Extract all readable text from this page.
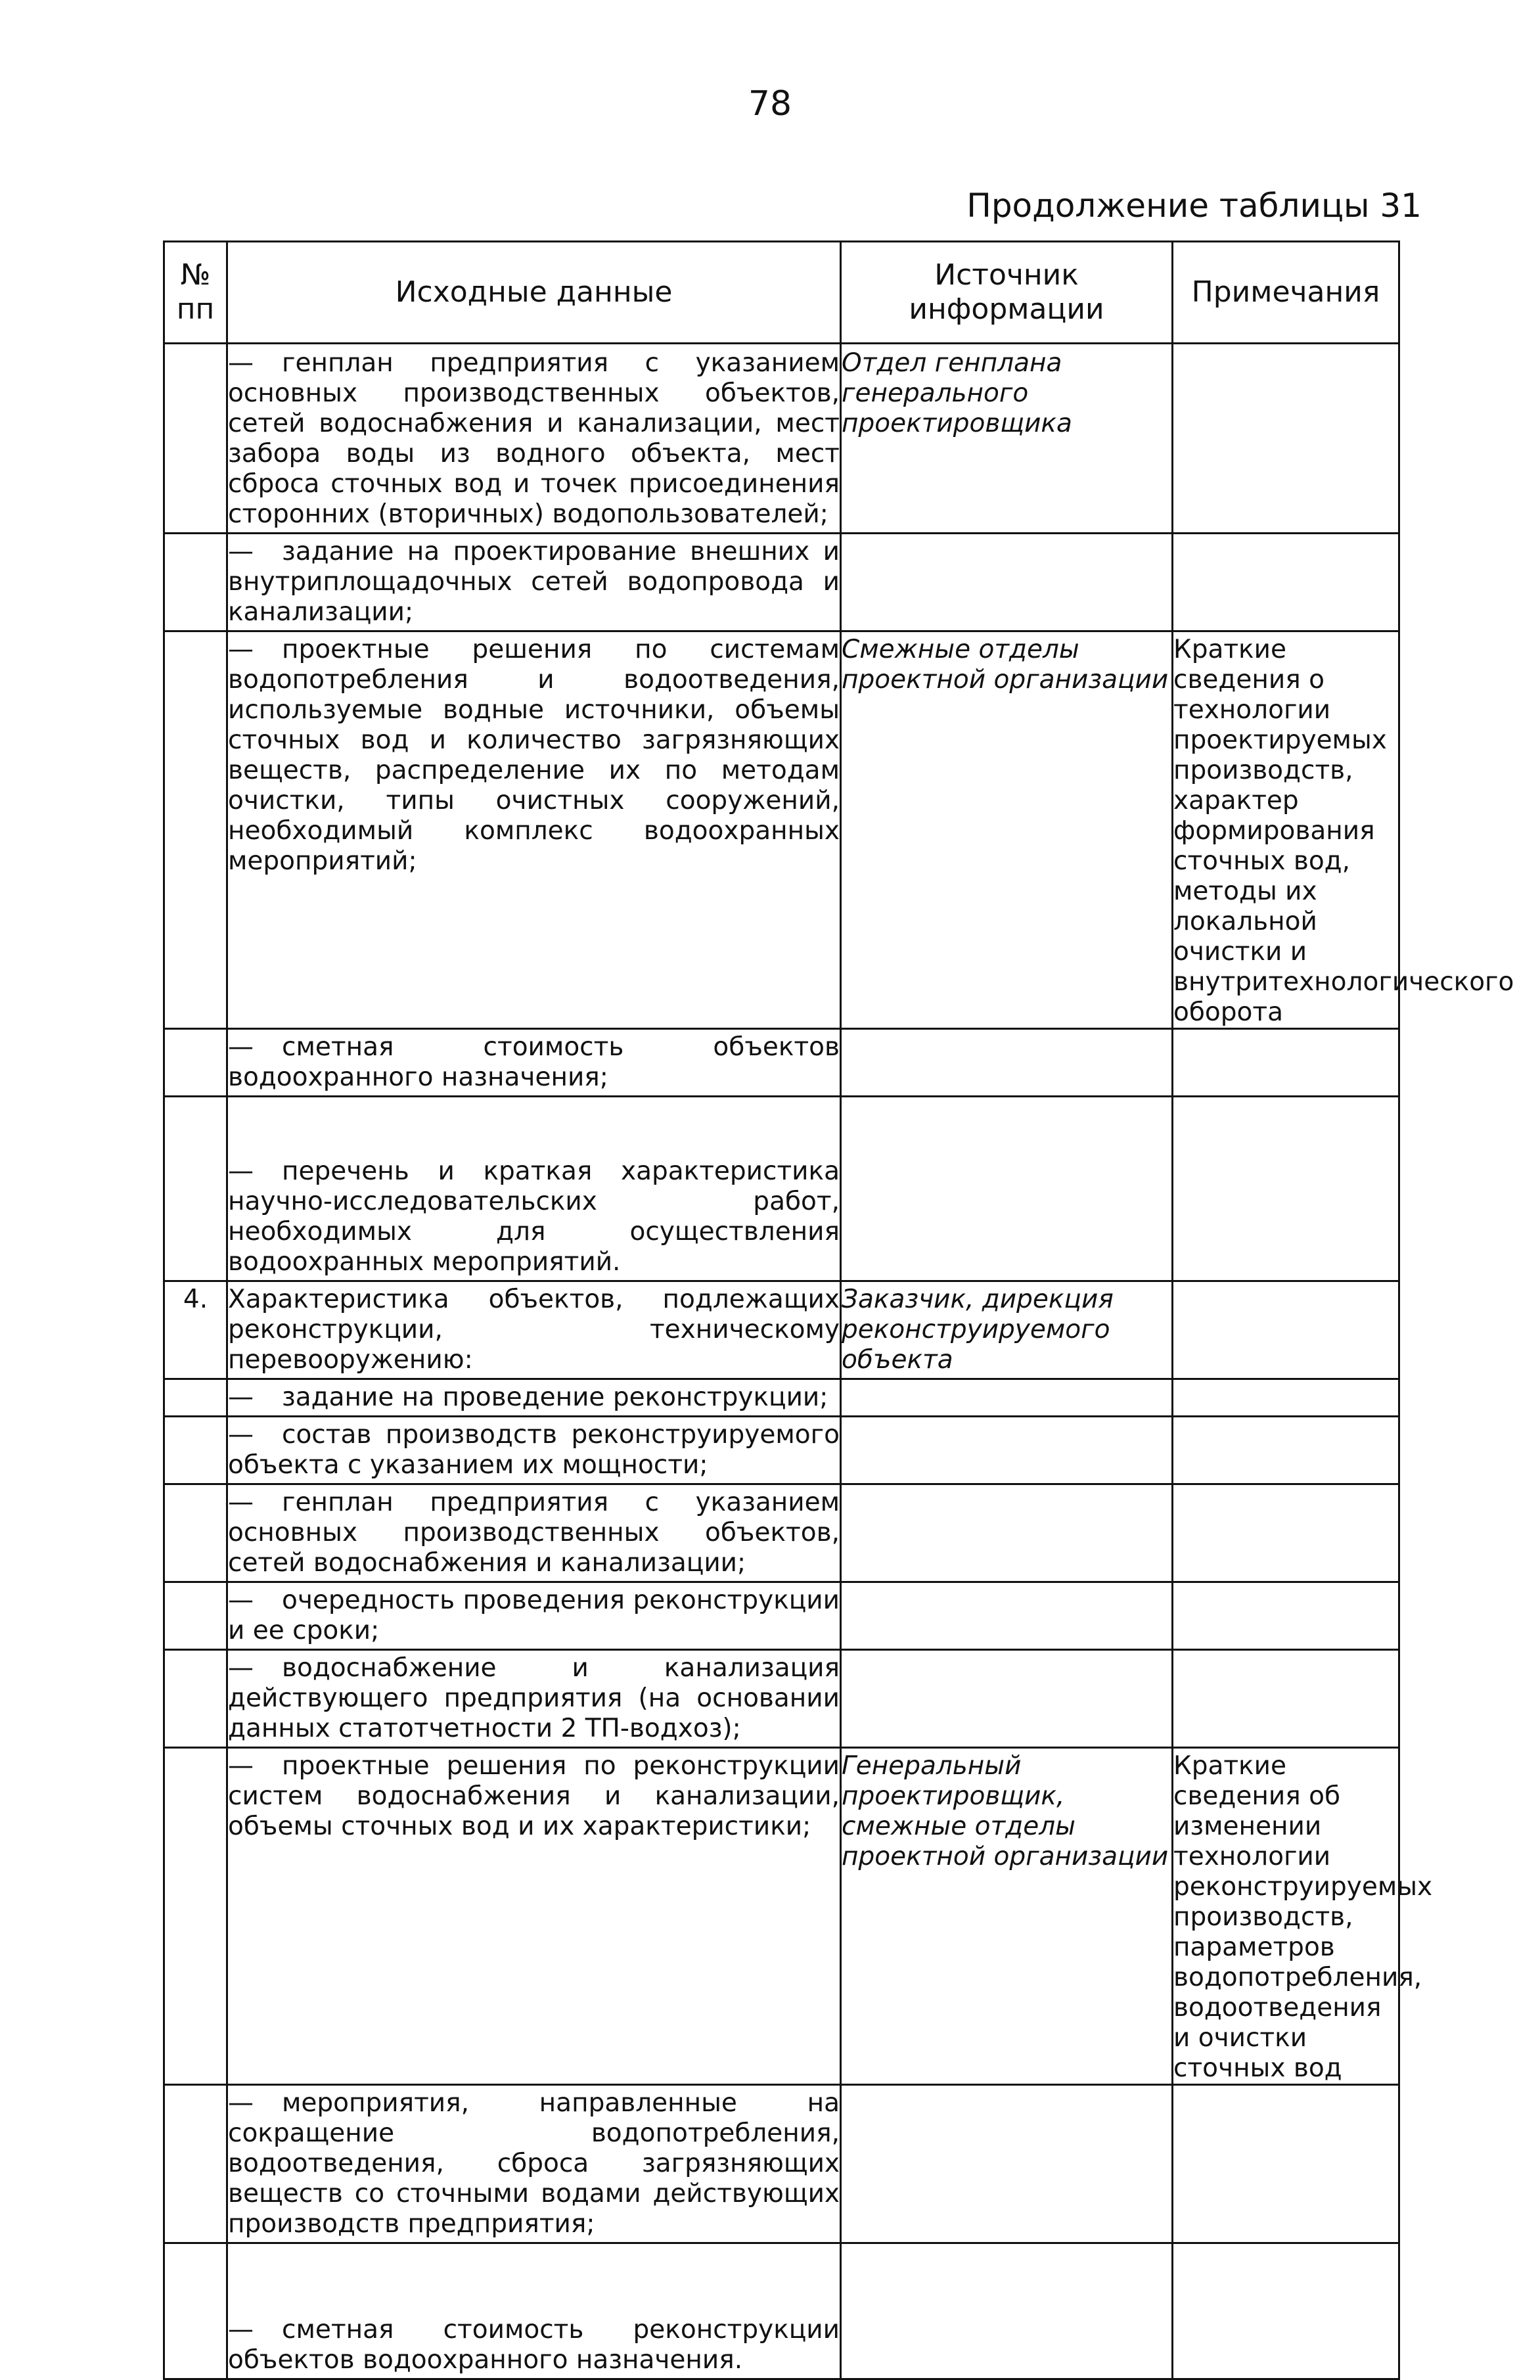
78
Продолжение таблицы 31
№ пп	Исходные данные	Источник информации	Примечания
	— генплан предприятия с указанием основных производственных объектов, сетей водоснабжения и канализации, мест забора воды из водного объекта, мест сброса сточных вод и точек присоединения сторонних (вторичных) водопользователей;	Отдел генплана генерального проектировщика	
	— задание на проектирование внешних и внутриплощадочных сетей водопровода и канализации;		
	— проектные решения по системам водопотребления и водоотведения, используемые водные источники, объемы сточных вод и количество загрязняющих веществ, распределение их по методам очистки, типы очистных сооружений, необходимый комплекс водоохранных мероприятий;	Смежные отделы проектной организации	Краткие сведения о технологии проектируемых производств, характер формирования сточных вод, методы их локальной очистки и внутритехнологического оборота
	— сметная стоимость объектов водоохранного назначения;		
	— перечень и краткая характеристика научно-исследовательских работ, необходимых для осуществления водоохранных мероприятий.		
4.	Характеристика объектов, подлежащих реконструкции, техническому перевооружению:	Заказчик, дирекция реконструируемого объекта	
	— задание на проведение реконструкции;		
	— состав производств реконструируемого объекта с указанием их мощности;		
	— генплан предприятия с указанием основных производственных объектов, сетей водоснабжения и канализации;		
	— очередность проведения реконструкции и ее сроки;		
	— водоснабжение и канализация действующего предприятия (на основании данных статотчетности 2 ТП-водхоз);		
	— проектные решения по реконструкции систем водоснабжения и канализации, объемы сточных вод и их характеристики;	Генеральный проектировщик, смежные отделы проектной организации	Краткие сведения об изменении технологии реконструируемых производств, параметров водопотребления, водоотведения и очистки сточных вод
	— мероприятия, направленные на сокращение водопотребления, водоотведения, сброса загрязняющих веществ со сточными водами действующих производств предприятия;		
	— сметная стоимость реконструкции объектов водоохранного назначения.		
